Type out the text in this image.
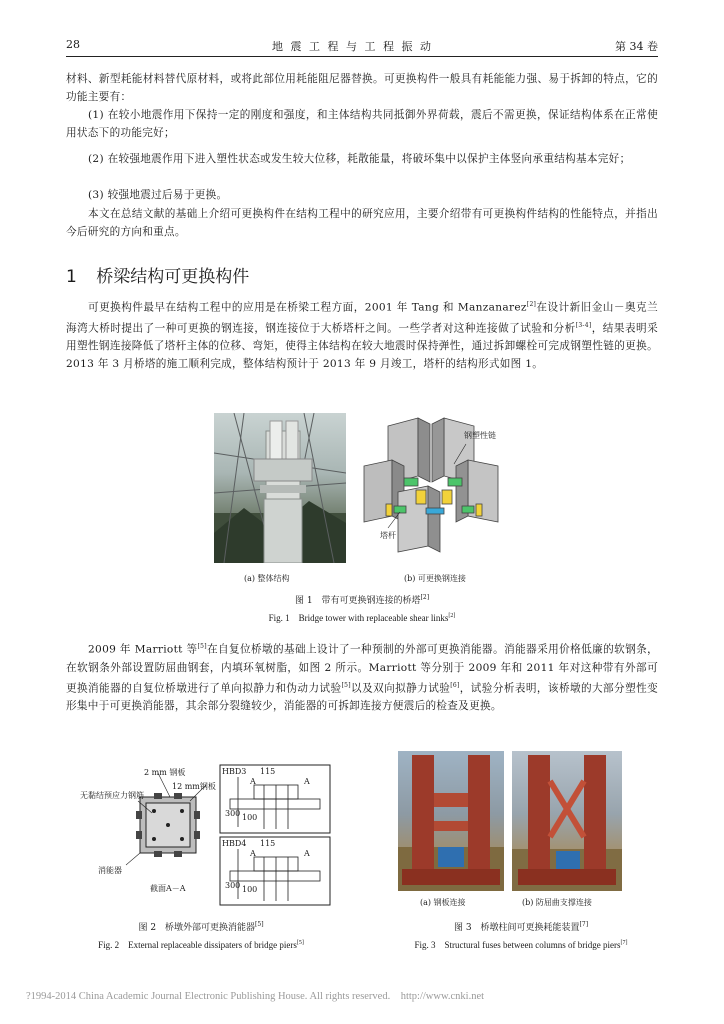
28	地 震 工 程 与 工 程 振 动	第 34 卷

材料、新型耗能材料替代原材料，或将此部位用耗能阻尼器替换。可更换构件一般具有耗能能力强、易于拆卸的特点，它的功能主要有：

(1) 在较小地震作用下保持一定的刚度和强度，和主体结构共同抵御外界荷载，震后不需更换，保证结构体系在正常使用状态下的功能完好；

(2) 在较强地震作用下进入塑性状态或发生较大位移，耗散能量，将破坏集中以保护主体竖向承重结构基本完好；

(3) 较强地震过后易于更换。

本文在总结文献的基础上介绍可更换构件在结构工程中的研究应用，主要介绍带有可更换构件结构的性能特点，并指出今后研究的方向和重点。

1 桥梁结构可更换构件

可更换构件最早在结构工程中的应用是在桥梁工程方面，2001 年 Tang 和 Manzanarez[2]在设计新旧金山－奥克兰海湾大桥时提出了一种可更换的钢连接，钢连接位于大桥塔杆之间。一些学者对这种连接做了试验和分析[3-4]，结果表明采用塑性钢连接降低了塔杆主体的位移、弯矩，使得主体结构在较大地震时保持弹性，通过拆卸螺栓可完成钢塑性链的更换。2013 年 3 月桥塔的施工顺利完成，整体结构预计于 2013 年 9 月竣工，塔杆的结构形式如图 1。

钢塑性链
塔杆
(a) 整体结构	(b) 可更换钢连接
图 1　带有可更换钢连接的桥塔[2]
Fig. 1　Bridge tower with replaceable shear links[2]

2009 年 Marriott 等[5]在自复位桥墩的基础上设计了一种预制的外部可更换消能器。消能器采用价格低廉的软钢条，在软钢条外部设置防屈曲钢套，内填环氧树脂，如图 2 所示。Marriott 等分别于 2009 年和 2011 年对这种带有外部可更换消能器的自复位桥墩进行了单向拟静力和伪动力试验[5]以及双向拟静力试验[6]，试验分析表明，该桥墩的大部分塑性变形集中于可更换消能器，其余部分裂缝较少，消能器的可拆卸连接方便震后的检查及更换。

2 mm 钢板
12 mm钢板
无黏结预应力钢筋
消能器
截面A－A
HBD3
HBD4
115
115
300
300
100
100
A	A
A	A
(a) 钢板连接	(b) 防屈曲支撑连接
图 2　桥墩外部可更换消能器[5]
Fig. 2　External replaceable dissipaters of bridge piers[5]
图 3　桥墩柱间可更换耗能装置[7]
Fig. 3　Structural fuses between columns of bridge piers[7]
?1994-2014 China Academic Journal Electronic Publishing House. All rights reserved.　http://www.cnki.net
